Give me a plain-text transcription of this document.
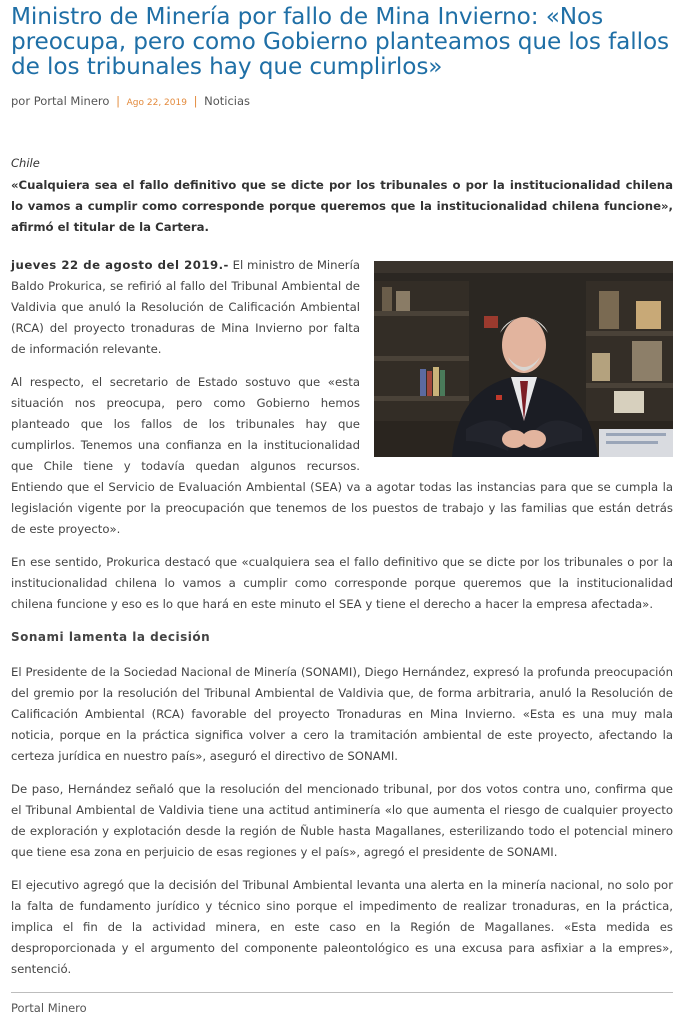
Ministro de Minería por fallo de Mina Invierno: «Nos preocupa, pero como Gobierno planteamos que los fallos de los tribunales hay que cumplirlos»
por Portal Minero | Ago 22, 2019 | Noticias
Chile
«Cualquiera sea el fallo definitivo que se dicte por los tribunales o por la institucionalidad chilena lo vamos a cumplir como corresponde porque queremos que la institucionalidad chilena funcione», afirmó el titular de la Cartera.

jueves 22 de agosto del 2019.- El ministro de Minería Baldo Prokurica, se refirió al fallo del Tribunal Ambiental de Valdivia que anuló la Resolución de Calificación Ambiental (RCA) del proyecto tronaduras de Mina Invierno por falta de información relevante.

Al respecto, el secretario de Estado sostuvo que «esta situación nos preocupa, pero como Gobierno hemos planteado que los fallos de los tribunales hay que cumplirlos. Tenemos una confianza en la institucionalidad que Chile tiene y todavía quedan algunos recursos. Entiendo que el Servicio de Evaluación Ambiental (SEA) va a agotar todas las instancias para que se cumpla la legislación vigente por la preocupación que tenemos de los puestos de trabajo y las familias que están detrás de este proyecto».

En ese sentido, Prokurica destacó que «cualquiera sea el fallo definitivo que se dicte por los tribunales o por la institucionalidad chilena lo vamos a cumplir como corresponde porque queremos que la institucionalidad chilena funcione y eso es lo que hará en este minuto el SEA y tiene el derecho a hacer la empresa afectada».

Sonami lamenta la decisión

El Presidente de la Sociedad Nacional de Minería (SONAMI), Diego Hernández, expresó la profunda preocupación del gremio por la resolución del Tribunal Ambiental de Valdivia que, de forma arbitraria, anuló la Resolución de Calificación Ambiental (RCA) favorable del proyecto Tronaduras en Mina Invierno. «Esta es una muy mala noticia, porque en la práctica significa volver a cero la tramitación ambiental de este proyecto, afectando la certeza jurídica en nuestro país», aseguró el directivo de SONAMI.

De paso, Hernández señaló que la resolución del mencionado tribunal, por dos votos contra uno, confirma que el Tribunal Ambiental de Valdivia tiene una actitud antiminería «lo que aumenta el riesgo de cualquier proyecto de exploración y explotación desde la región de Ñuble hasta Magallanes, esterilizando todo el potencial minero que tiene esa zona en perjuicio de esas regiones y el país», agregó el presidente de SONAMI.

El ejecutivo agregó que la decisión del Tribunal Ambiental levanta una alerta en la minería nacional, no solo por la falta de fundamento jurídico y técnico sino porque el impedimento de realizar tronaduras, en la práctica, implica el fin de la actividad minera, en este caso en la Región de Magallanes. «Esta medida es desproporcionada y el argumento del componente paleontológico es una excusa para asfixiar a la empres», sentenció.

Portal Minero
